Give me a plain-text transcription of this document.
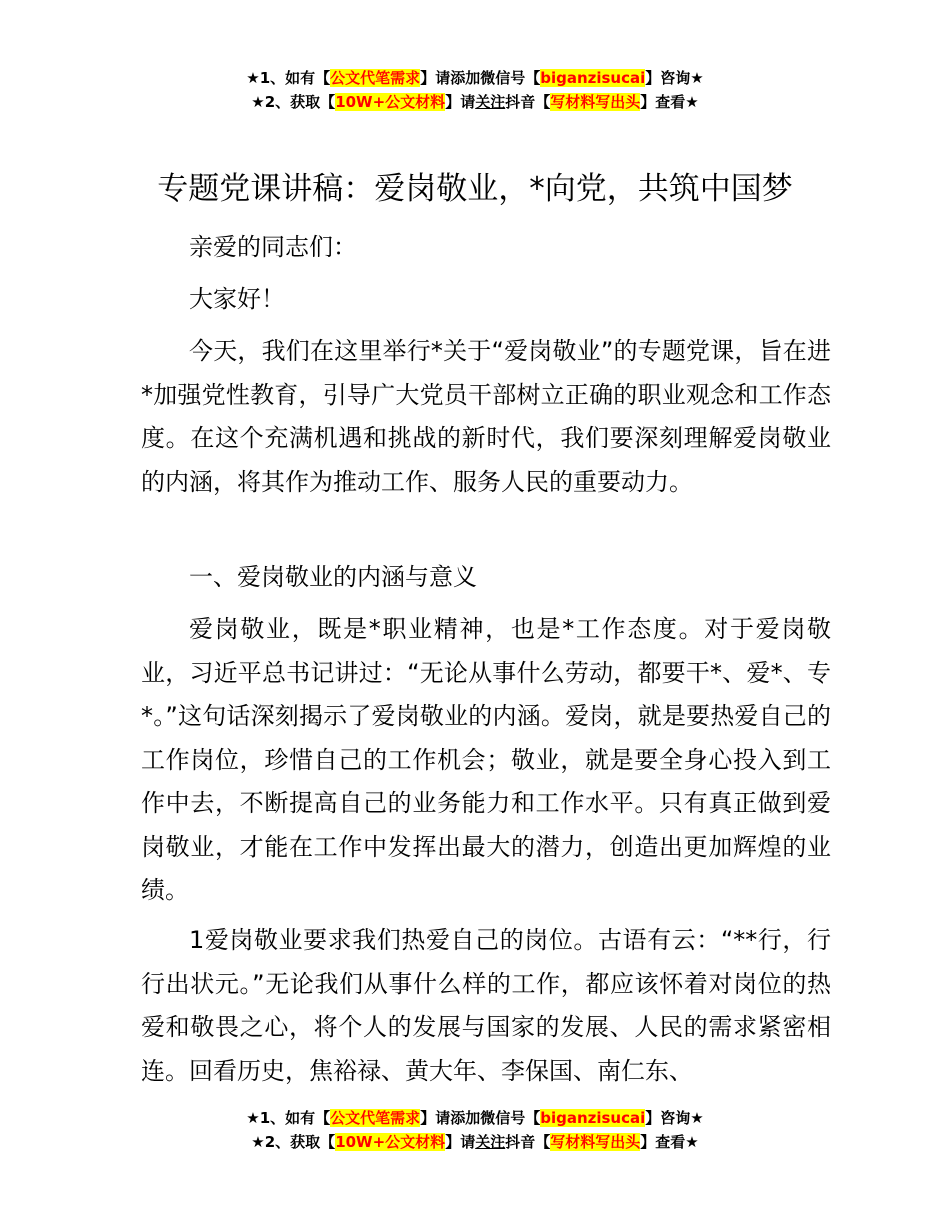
★1、如有【公文代笔需求】请添加微信号【biganzisucai】咨询★
★2、获取【10W+公文材料】请关注抖音【写材料写出头】查看★
专题党课讲稿：爱岗敬业，*向党，共筑中国梦

亲爱的同志们：

大家好！

今天，我们在这里举行*关于“爱岗敬业”的专题党课，旨在进*加强党性教育，引导广大党员干部树立正确的职业观念和工作态度。在这个充满机遇和挑战的新时代，我们要深刻理解爱岗敬业的内涵，将其作为推动工作、服务人民的重要动力。

一、爱岗敬业的内涵与意义

爱岗敬业，既是*职业精神，也是*工作态度。对于爱岗敬业，习近平总书记讲过：“无论从事什么劳动，都要干*、爱*、专*。”这句话深刻揭示了爱岗敬业的内涵。爱岗，就是要热爱自己的工作岗位，珍惜自己的工作机会；敬业，就是要全身心投入到工作中去，不断提高自己的业务能力和工作水平。只有真正做到爱岗敬业，才能在工作中发挥出最大的潜力，创造出更加辉煌的业绩。

1爱岗敬业要求我们热爱自己的岗位。古语有云：“**行，行行出状元。”无论我们从事什么样的工作，都应该怀着对岗位的热爱和敬畏之心，将个人的发展与国家的发展、人民的需求紧密相连。回看历史，焦裕禄、黄大年、李保国、南仁东、

★1、如有【公文代笔需求】请添加微信号【biganzisucai】咨询★
★2、获取【10W+公文材料】请关注抖音【写材料写出头】查看★
